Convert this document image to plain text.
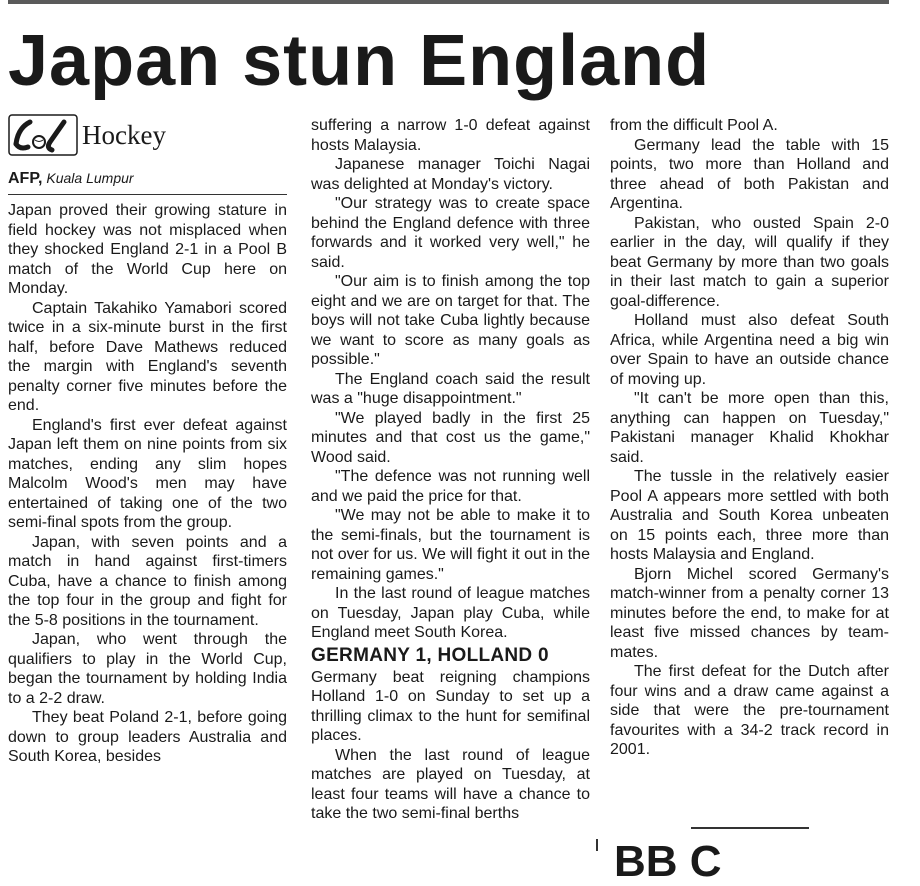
Japan stun England
Hockey
AFP, Kuala Lumpur

Japan proved their growing stature in field hockey was not misplaced when they shocked England 2-1 in a Pool B match of the World Cup here on Monday.

Captain Takahiko Yamabori scored twice in a six-minute burst in the first half, before Dave Mathews reduced the margin with England's seventh penalty corner five minutes before the end.

England's first ever defeat against Japan left them on nine points from six matches, ending any slim hopes Malcolm Wood's men may have entertained of taking one of the two semi-final spots from the group.

Japan, with seven points and a match in hand against first-timers Cuba, have a chance to finish among the top four in the group and fight for the 5-8 positions in the tournament.

Japan, who went through the qualifiers to play in the World Cup, began the tournament by holding India to a 2-2 draw.

They beat Poland 2-1, before going down to group leaders Australia and South Korea, besides

suffering a narrow 1-0 defeat against hosts Malaysia.

Japanese manager Toichi Nagai was delighted at Monday's victory.

"Our strategy was to create space behind the England defence with three forwards and it worked very well," he said.

"Our aim is to finish among the top eight and we are on target for that. The boys will not take Cuba lightly because we want to score as many goals as possible."

The England coach said the result was a "huge disappointment."

"We played badly in the first 25 minutes and that cost us the game," Wood said.

"The defence was not running well and we paid the price for that.

"We may not be able to make it to the semi-finals, but the tournament is not over for us. We will fight it out in the remaining games."

In the last round of league matches on Tuesday, Japan play Cuba, while England meet South Korea.

GERMANY 1, HOLLAND 0

Germany beat reigning champions Holland 1-0 on Sunday to set up a thrilling climax to the hunt for semifinal places.

When the last round of league matches are played on Tuesday, at least four teams will have a chance to take the two semi-final berths

from the difficult Pool A.

Germany lead the table with 15 points, two more than Holland and three ahead of both Pakistan and Argentina.

Pakistan, who ousted Spain 2-0 earlier in the day, will qualify if they beat Germany by more than two goals in their last match to gain a superior goal-difference.

Holland must also defeat South Africa, while Argentina need a big win over Spain to have an outside chance of moving up.

"It can't be more open than this, anything can happen on Tuesday," Pakistani manager Khalid Khokhar said.

The tussle in the relatively easier Pool A appears more settled with both Australia and South Korea unbeaten on 15 points each, three more than hosts Malaysia and England.

Bjorn Michel scored Germany's match-winner from a penalty corner 13 minutes before the end, to make for at least five missed chances by team-mates.

The first defeat for the Dutch after four wins and a draw came against a side that were the pre-tournament favourites with a 34-2 track record in 2001.

BB C
